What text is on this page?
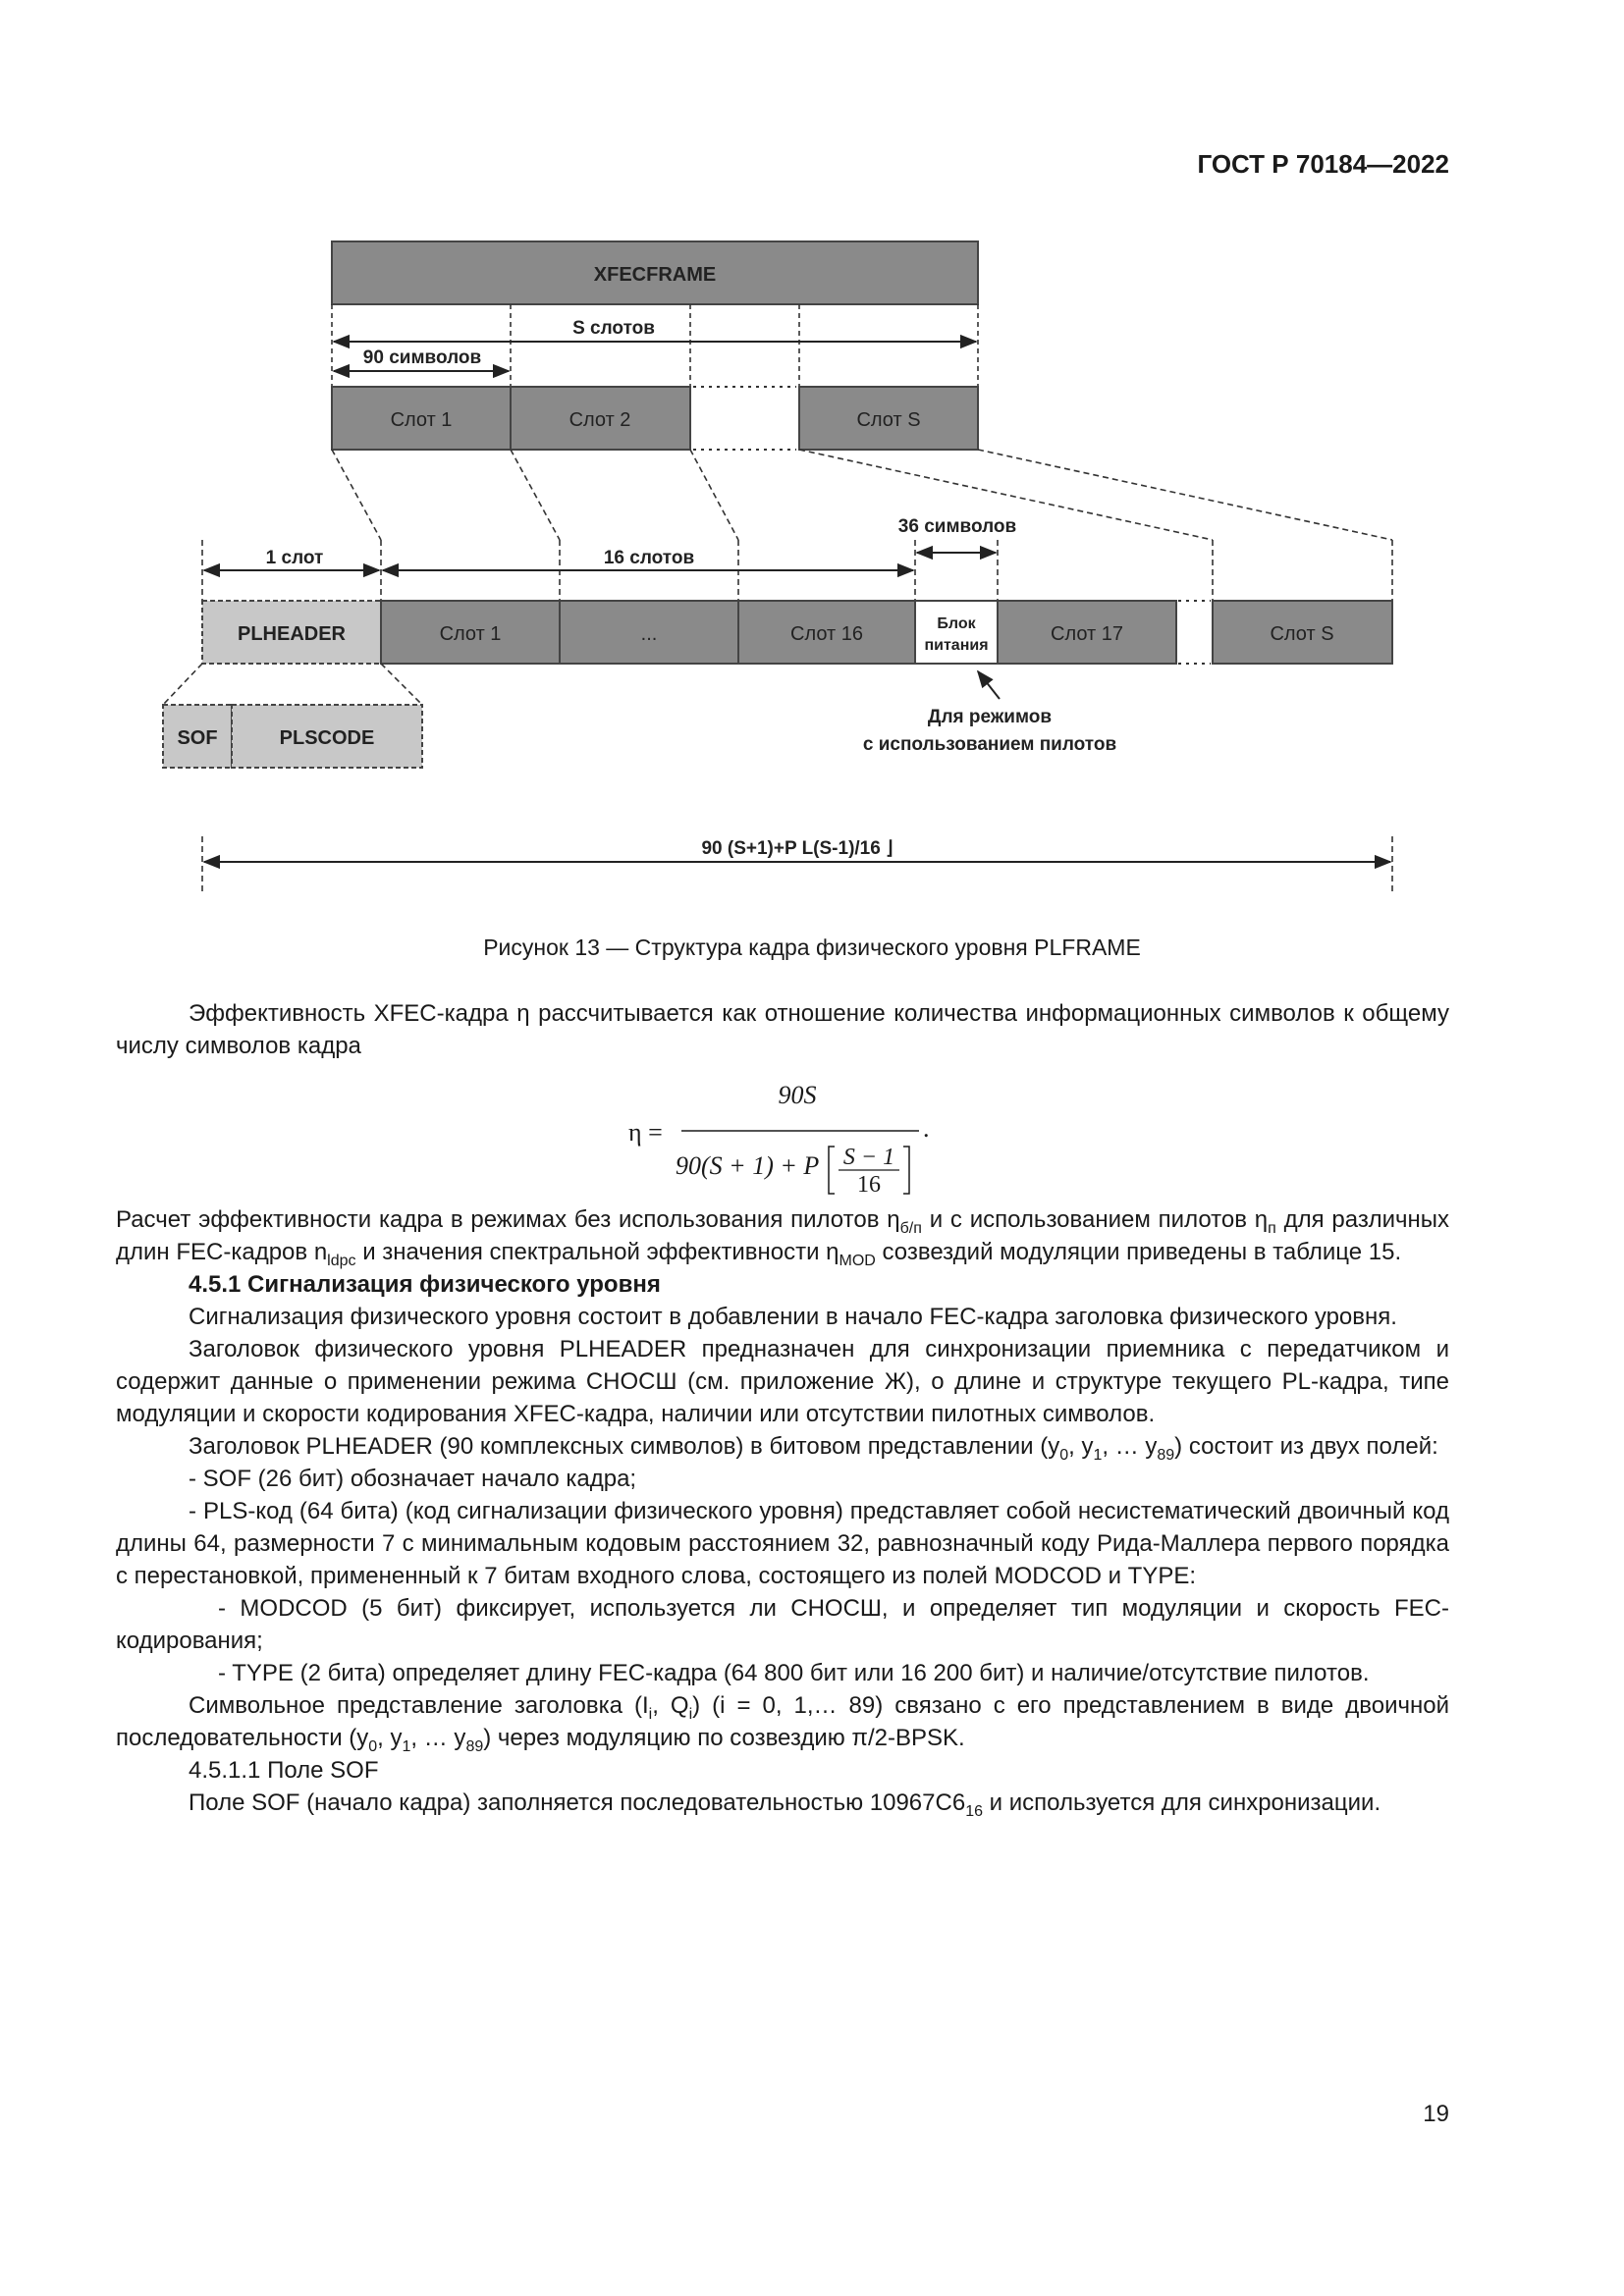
ГОСТ Р 70184—2022
XFECFRAME
S слотов
90 символов
Слот 1	Слот 2	Слот S
1 слот	16 слотов
36 символов
PLHEADER	Слот 1	...	Слот 16	Блок
питания
Слот 17	Слот S
SOF	PLSCODE
Для режимов
с использованием пилотов
90 (S+1)+P L(S-1)/16 ⌋
Рисунок 13 — Структура кадра физического уровня PLFRAME

Эффективность XFEC-кадра η рассчитывается как отношение количества информационных символов к общему числу символов кадра

η =
90S
90(S + 1) + P S − 1
16
.

Расчет эффективности кадра в режимах без использования пилотов $\eta_{б/п}$ и с использованием пилотов $\eta_п$ для различных длин FEC-кадров $n_{ldpc}$ и значения спектральной эффективности $\eta_{MOD}$ созвездий модуляции приведены в таблице 15.

4.5.1 Сигнализация физического уровня

Сигнализация физического уровня состоит в добавлении в начало FEC-кадра заголовка физического уровня.

Заголовок физического уровня PLHEADER предназначен для синхронизации приемника с передатчиком и содержит данные о применении режима СНОСШ (см. приложение Ж), о длине и структуре текущего PL-кадра, типе модуляции и скорости кодирования XFEC-кадра, наличии или отсутствии пилотных символов.

Заголовок PLHEADER (90 комплексных символов) в битовом представлении ($y_0$, $y_1$, … $y_{89}$) состоит из двух полей:

- SOF (26 бит) обозначает начало кадра;

- PLS-код (64 бита) (код сигнализации физического уровня) представляет собой несистематический двоичный код длины 64, размерности 7 с минимальным кодовым расстоянием 32, равнозначный коду Рида-Маллера первого порядка с перестановкой, примененный к 7 битам входного слова, состоящего из полей MODCOD и TYPE:

- MODCOD (5 бит) фиксирует, используется ли СНОСШ, и определяет тип модуляции и скорость FEC-кодирования;

- TYPE (2 бита) определяет длину FEC-кадра (64 800 бит или 16 200 бит) и наличие/отсутствие пилотов.

Символьное представление заголовка ($I_i$, $Q_i$) (i = 0, 1,… 89) связано с его представлением в виде двоичной последовательности ($y_0$, $y_1$, … $y_{89}$) через модуляцию по созвездию π/2-BPSK.

4.5.1.1 Поле SOF

Поле SOF (начало кадра) заполняется последовательностью $10967C6_{16}$ и используется для синхронизации.

19
